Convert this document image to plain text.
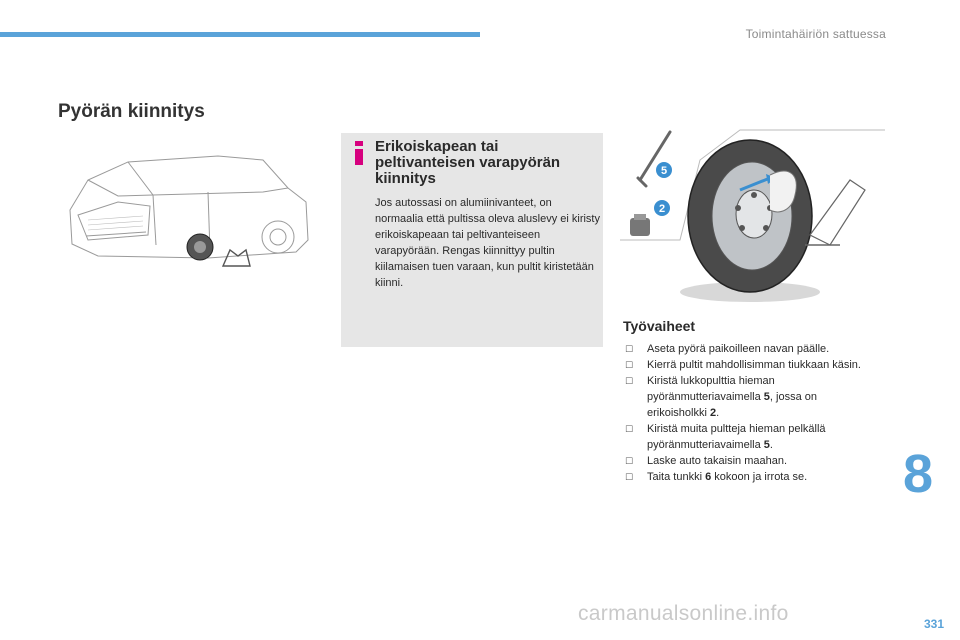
Toimintahäiriön sattuessa
Pyörän kiinnitys
Erikoiskapean tai peltivanteisen varapyörän kiinnitys

Jos autossasi on alumiinivanteet, on normaalia että pultissa oleva aluslevy ei kiristy erikoiskapeaan tai peltivanteiseen varapyörään. Rengas kiinnittyy pultin kiilamaisen tuen varaan, kun pultit kiristetään kiinni.

5
2
Työvaiheet
☐ Aseta pyörä paikoilleen navan päälle.
☐ Kierrä pultit mahdollisimman tiukkaan käsin.
☐ Kiristä lukkopulttia hieman pyöränmutteriavaimella 5, jossa on erikoisholkki 2.
☐ Kiristä muita pultteja hieman pelkällä pyöränmutteriavaimella 5.
☐ Laske auto takaisin maahan.
☐ Taita tunkki 6 kokoon ja irrota se.	8
carmanualsonline.info	331
